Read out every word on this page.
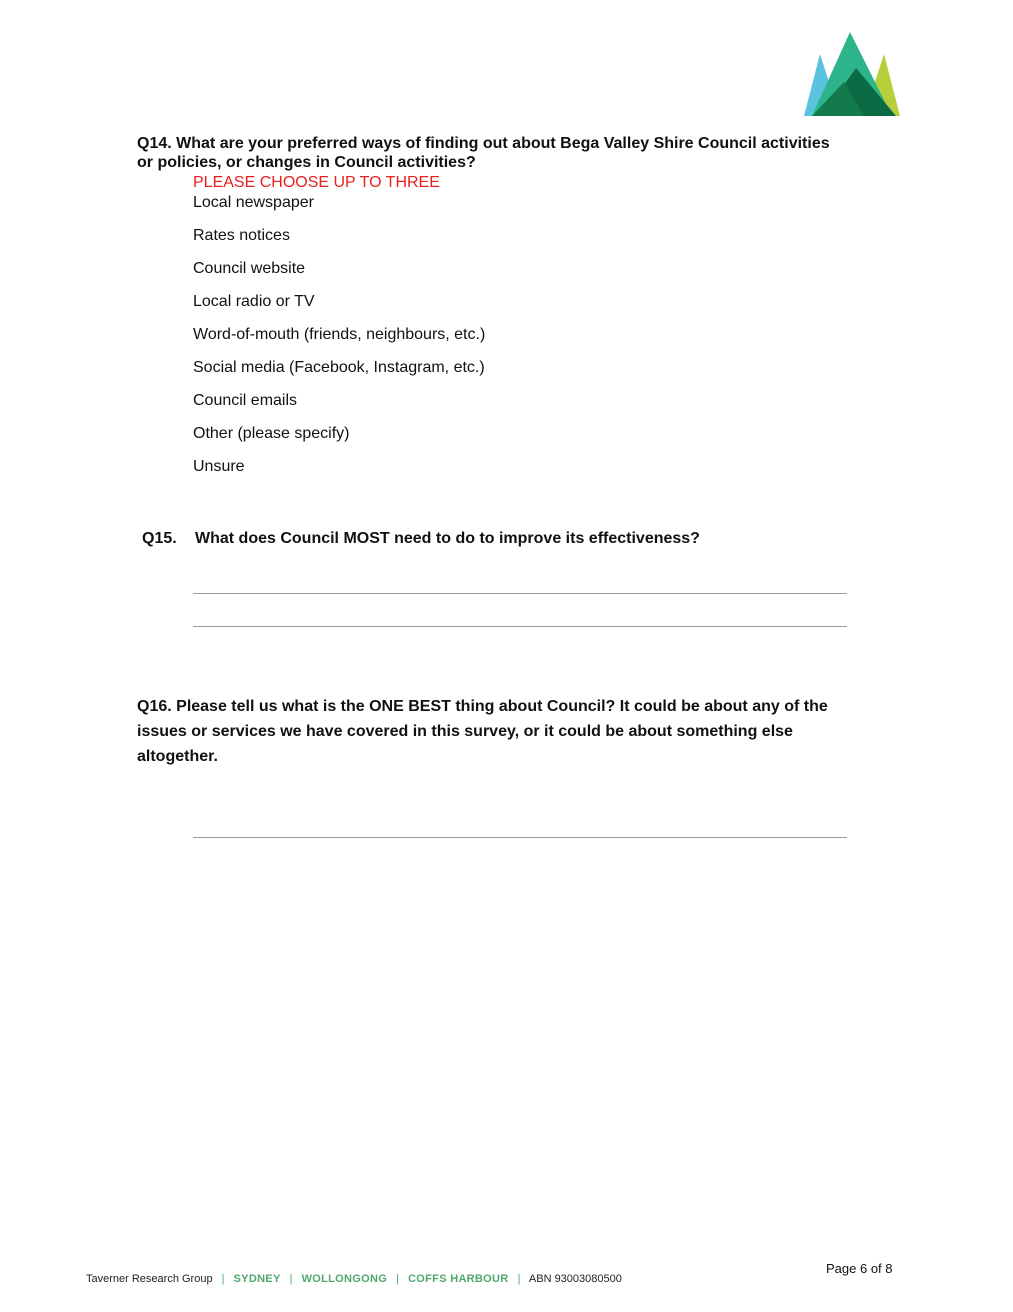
Q14. What are your preferred ways of finding out about Bega Valley Shire Council activities or policies, or changes in Council activities?
PLEASE CHOOSE UP TO THREE
Local newspaper
Rates notices
Council website
Local radio or TV
Word-of-mouth (friends, neighbours, etc.)
Social media (Facebook, Instagram, etc.)
Council emails
Other (please specify)
Unsure
Q15. What does Council MOST need to do to improve its effectiveness?
Q16. Please tell us what is the ONE BEST thing about Council? It could be about any of the issues or services we have covered in this survey, or it could be about something else altogether.
Taverner Research Group | SYDNEY | WOLLONGONG | COFFS HARBOUR | ABN 93003080500
Page 6 of 8
